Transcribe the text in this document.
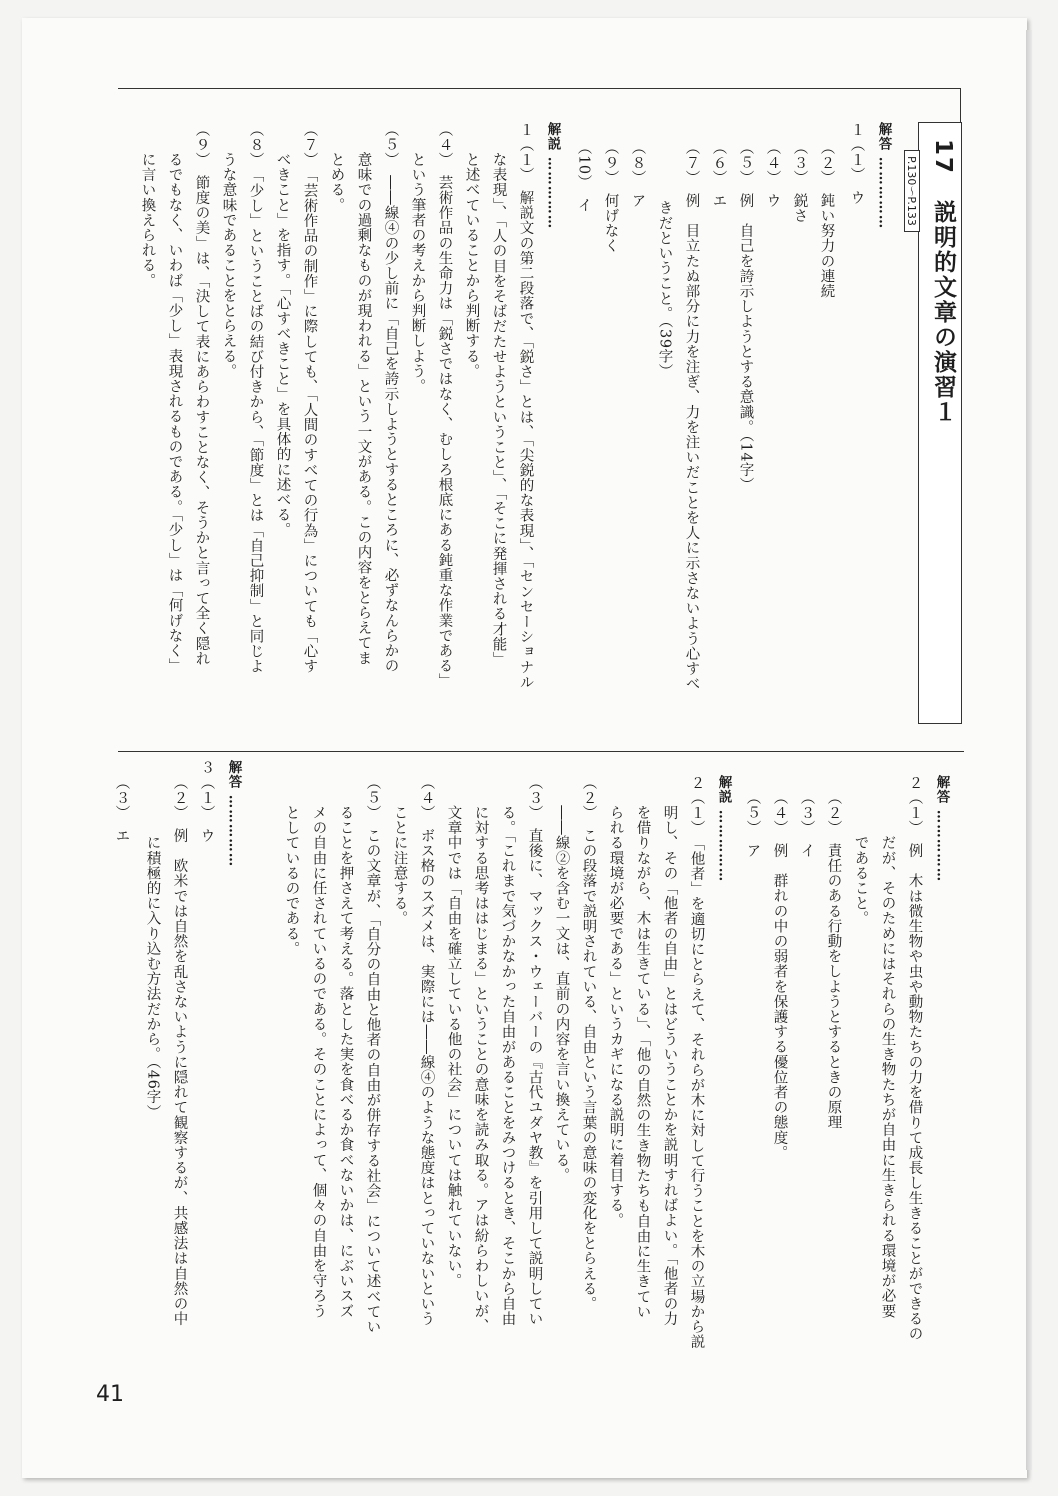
17　説明的文章の演習１
P.130〜P.133
解答 ……………
１（１）　ウ
（２）　鈍い努力の連続
（３）　鋭さ
（４）　ウ
（５）　例　自己を誇示しようとする意識。（14字）
（６）　エ
（７）　例　目立たぬ部分に力を注ぎ、力を注いだことを人に示さないよう心すべ
　　　　きだということ。（39字）
（８）　ア
（９）　何げなく
（10）　イ
解説 ……………
１（１）　解説文の第二段落で、「鋭さ」とは、「尖鋭的な表現」、「センセーショナル
　　な表現」、「人の目をそばだたせようということ」、「そこに発揮される才能」
　　と述べていることから判断する。
（４）　芸術作品の生命力は「鋭さではなく、むしろ根底にある鈍重な作業である」
　　という筆者の考えから判断しよう。
（５）　――線④の少し前に「自己を誇示しようとするところに、必ずなんらかの
　　意味での過剰なものが現われる」という一文がある。この内容をとらえてま
　　とめる。
（７）　「芸術作品の制作」に際しても、「人間のすべての行為」についても「心す
　　べきこと」を指す。「心すべきこと」を具体的に述べる。
（８）　「少し」ということばの結び付きから、「節度」とは「自己抑制」と同じよ
　　うな意味であることをとらえる。
（９）　節度の美」は、「決して表にあらわすことなく、そうかと言って全く隠れ
　　るでもなく、いわば「少し」表現されるものである。「少し」は「何げなく」
　　に言い換えられる。
解答 ……………
２（１）　例　木は微生物や虫や動物たちの力を借りて成長し生きることができるの
　　　　だが、そのためにはそれらの生き物たちが自由に生きられる環境が必要
　　　　であること。
（２）　責任のある行動をしようとするときの原理
（３）　イ
（４）　例　群れの中の弱者を保護する優位者の態度。
（５）　ア
解説 ……………
２（１）　「他者」を適切にとらえて、それらが木に対して行うことを木の立場から説
　　明し、その「他者の自由」とはどういうことかを説明すればよい。「他者の力
　　を借りながら、木は生きている」、「他の自然の生き物たちも自由に生きてい
　　られる環境が必要である」というカギになる説明に着目する。
（２）　この段落で説明されている、自由という言葉の意味の変化をとらえる。
　　――線②を含む一文は、直前の内容を言い換えている。
（３）　直後に、マックス・ウェーバーの『古代ユダヤ教』を引用して説明してい
　　る。「これまで気づかなかった自由があることをみつけるとき、そこから自由
　　に対する思考ははじまる」ということの意味を読み取る。アは紛らわしいが、
　　文章中では「自由を確立している他の社会」については触れていない。
（４）　ボス格のスズメは、実際には――線④のような態度はとっていないという
　　ことに注意する。
（５）　この文章が、「自分の自由と他者の自由が併存する社会」について述べてい
　　ることを押さえて考える。落とした実を食べるか食べないかは、にぶいスズ
　　メの自由に任されているのである。そのことによって、個々の自由を守ろう
　　としているのである。
解答 ……………
３（１）　ウ
（２）　例　欧米では自然を乱さないように隠れて観察するが、共感法は自然の中
　　　　に積極的に入り込む方法だから。（46字）
（３）　エ
41
